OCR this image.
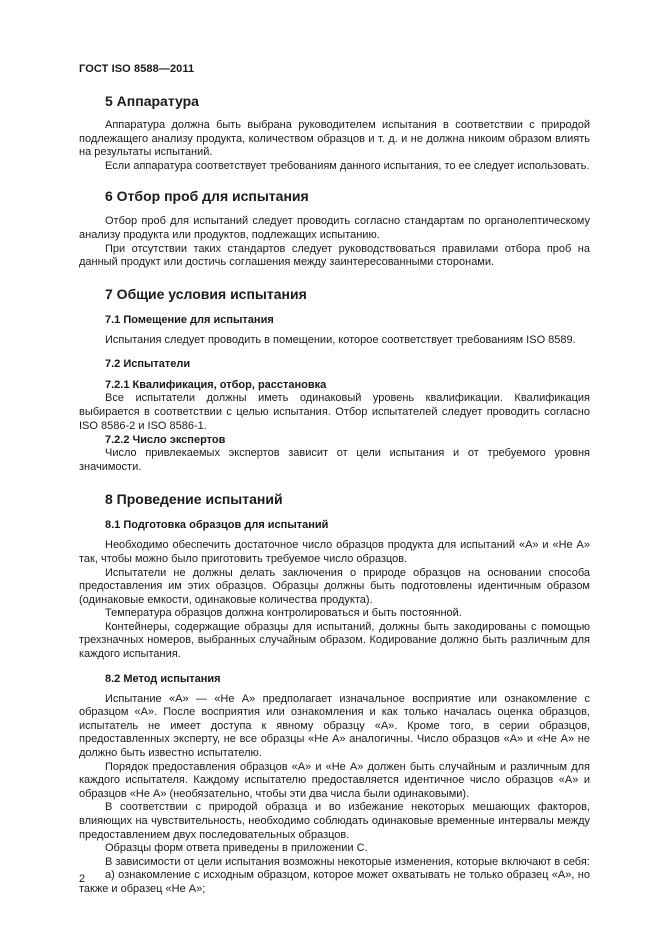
ГОСТ ISO 8588—2011
5 Аппаратура

Аппаратура должна быть выбрана руководителем испытания в соответствии с природой подлежащего анализу продукта, количеством образцов и т. д. и не должна никоим образом влиять на результаты испытаний.

Если аппаратура соответствует требованиям данного испытания, то ее следует использовать.

6 Отбор проб для испытания

Отбор проб для испытаний следует проводить согласно стандартам по органолептическому анализу продукта или продуктов, подлежащих испытанию.

При отсутствии таких стандартов следует руководствоваться правилами отбора проб на данный продукт или достичь соглашения между заинтересованными сторонами.

7 Общие условия испытания
7.1 Помещение для испытания

Испытания следует проводить в помещении, которое соответствует требованиям ISO 8589.

7.2 Испытатели
7.2.1 Квалификация, отбор, расстановка

Все испытатели должны иметь одинаковый уровень квалификации. Квалификация выбирается в соответствии с целью испытания. Отбор испытателей следует проводить согласно ISO 8586-2 и ISO 8586-1.

7.2.2 Число экспертов

Число привлекаемых экспертов зависит от цели испытания и от требуемого уровня значимости.

8 Проведение испытаний
8.1 Подготовка образцов для испытаний

Необходимо обеспечить достаточное число образцов продукта для испытаний «А» и «Не А» так, чтобы можно было приготовить требуемое число образцов.

Испытатели не должны делать заключения о природе образцов на основании способа предоставления им этих образцов. Образцы должны быть подготовлены идентичным образом (одинаковые емкости, одинаковые количества продукта).

Температура образцов должна контролироваться и быть постоянной.

Контейнеры, содержащие образцы для испытаний, должны быть закодированы с помощью трехзначных номеров, выбранных случайным образом. Кодирование должно быть различным для каждого испытания.

8.2 Метод испытания

Испытание «А» — «Не А» предполагает изначальное восприятие или ознакомление с образцом «А». После восприятия или ознакомления и как только началась оценка образцов, испытатель не имеет доступа к явному образцу «А». Кроме того, в серии образцов, предоставленных эксперту, не все образцы «Не А» аналогичны. Число образцов «А» и «Не А» не должно быть известно испытателю.

Порядок предоставления образцов «А» и «Не А» должен быть случайным и различным для каждого испытателя. Каждому испытателю предоставляется идентичное число образцов «А» и образцов «Не А» (необязательно, чтобы эти два числа были одинаковыми).

В соответствии с природой образца и во избежание некоторых мешающих факторов, влияющих на чувствительность, необходимо соблюдать одинаковые временные интервалы между предоставлением двух последовательных образцов.

Образцы форм ответа приведены в приложении С.

В зависимости от цели испытания возможны некоторые изменения, которые включают в себя:

а) ознакомление с исходным образцом, которое может охватывать не только образец «А», но также и образец «Не А»;

2
